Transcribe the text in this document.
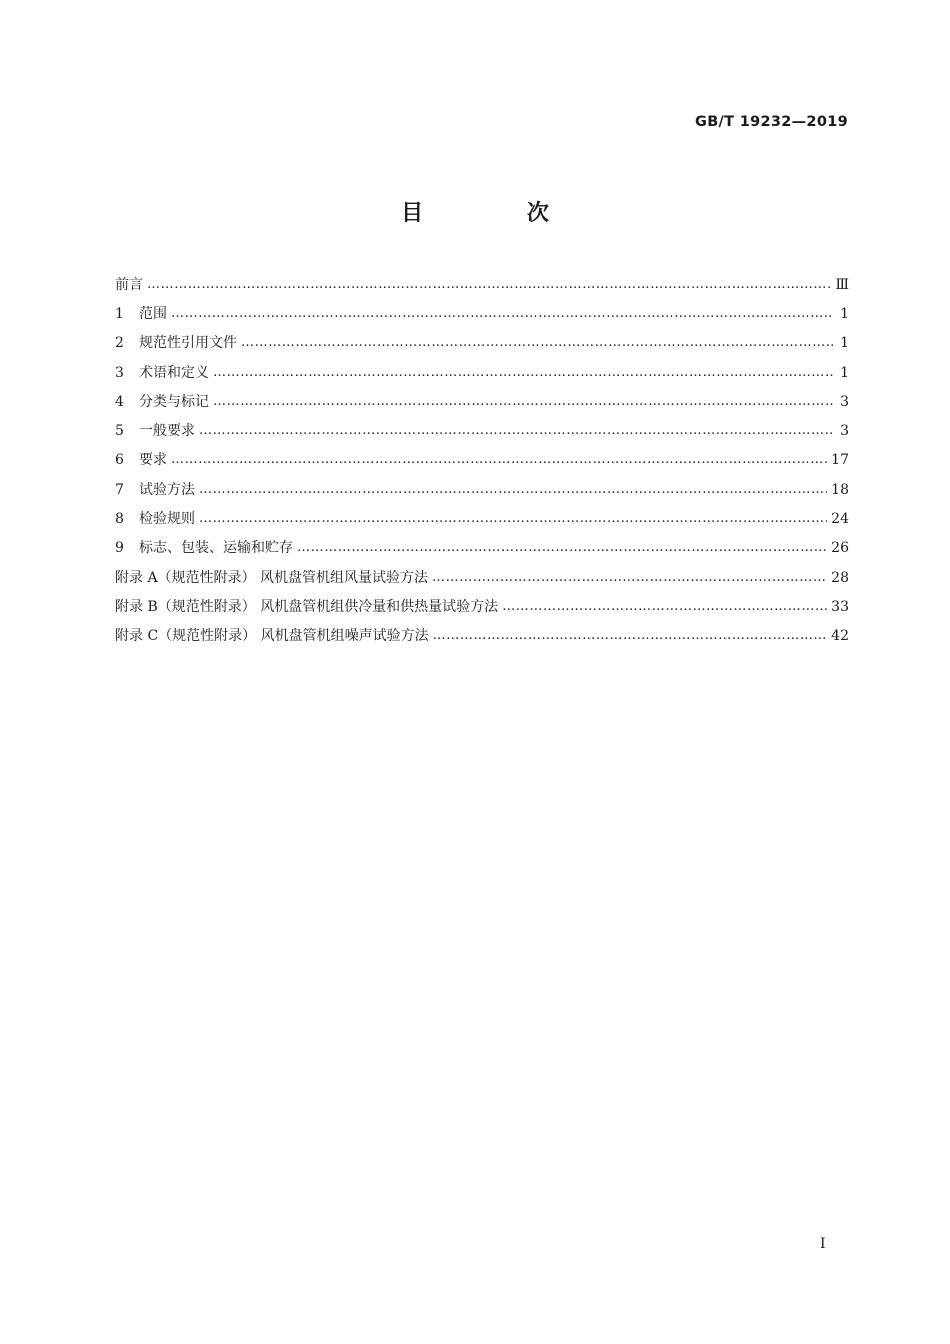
GB/T 19232—2019
目 次
前言 ………………………………………………………………………………………………………………………………………………………………………………………………………………………………………………………………	Ⅲ
1	范围 ………………………………………………………………………………………………………………………………………………………………………………………………………………………………………………………………	1
2	规范性引用文件 ………………………………………………………………………………………………………………………………………………………………………………………………………………………………………………………………	1
3	术语和定义 ………………………………………………………………………………………………………………………………………………………………………………………………………………………………………………………………	1
4	分类与标记 ………………………………………………………………………………………………………………………………………………………………………………………………………………………………………………………………	3
5	一般要求 ………………………………………………………………………………………………………………………………………………………………………………………………………………………………………………………………	3
6	要求 ………………………………………………………………………………………………………………………………………………………………………………………………………………………………………………………………	17
7	试验方法 ………………………………………………………………………………………………………………………………………………………………………………………………………………………………………………………………	18
8	检验规则 ………………………………………………………………………………………………………………………………………………………………………………………………………………………………………………………………	24
9	标志、包装、运输和贮存 ………………………………………………………………………………………………………………………………………………………………………………………………………………………………………………………………	26
附录 A（规范性附录） 风机盘管机组风量试验方法 ………………………………………………………………………………………………………………………………………………………………………………………………………………………………………………………………	28
附录 B（规范性附录） 风机盘管机组供冷量和供热量试验方法 ………………………………………………………………………………………………………………………………………………………………………………………………………………………………………………………………	33
附录 C（规范性附录） 风机盘管机组噪声试验方法 ………………………………………………………………………………………………………………………………………………………………………………………………………………………………………………………………	42
I
